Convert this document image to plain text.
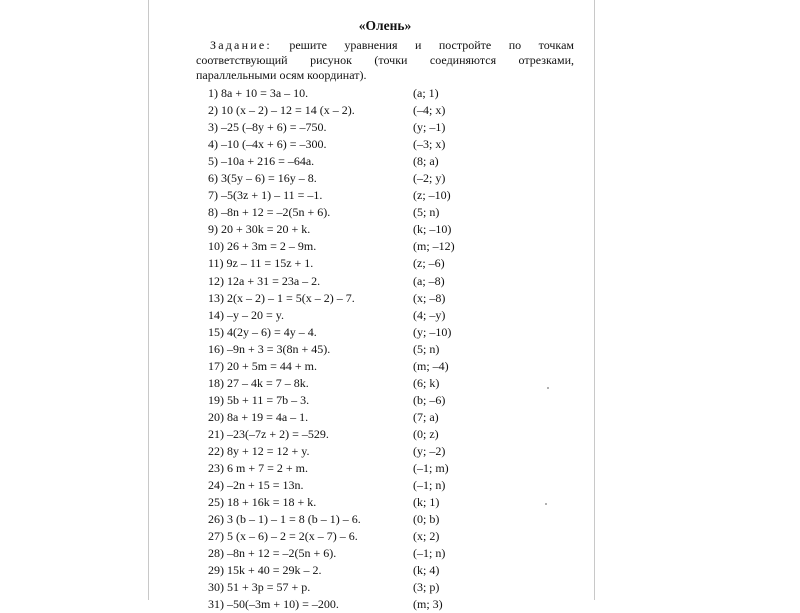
«Олень»

Задание: решите уравнения и постройте по точкам соответствующий рисунок (точки соединяются отрезками, параллельными осям координат).

1) 8a + 10 = 3a – 10.	(a; 1)
2) 10 (x – 2) – 12 = 14 (x – 2).	(–4; x)
3) –25 (–8y + 6) = –750.	(y; –1)
4) –10 (–4x + 6) = –300.	(–3; x)
5) –10a + 216 = –64a.	(8; a)
6) 3(5y – 6) = 16y – 8.	(–2; y)
7) –5(3z + 1) – 11 = –1.	(z; –10)
8) –8n + 12 = –2(5n + 6).	(5; n)
9) 20 + 30k = 20 + k.	(k; –10)
10) 26 + 3m = 2 – 9m.	(m; –12)
11) 9z – 11 = 15z + 1.	(z; –6)
12) 12a + 31 = 23a – 2.	(a; –8)
13) 2(x – 2) – 1 = 5(x – 2) – 7.	(x; –8)
14) –y – 20 = y.	(4; –y)
15) 4(2y – 6) = 4y – 4.	(y; –10)
16) –9n + 3 = 3(8n + 45).	(5; n)
17) 20 + 5m = 44 + m.	(m; –4)
18) 27 – 4k = 7 – 8k.	(6; k)
19) 5b + 11 = 7b – 3.	(b; –6)
20) 8a + 19 = 4a – 1.	(7; a)
21) –23(–7z + 2) = –529.	(0; z)
22) 8y + 12 = 12 + y.	(y; –2)
23) 6 m + 7 = 2 + m.	(–1; m)
24) –2n + 15 = 13n.	(–1; n)
25) 18 + 16k = 18 + k.	(k; 1)
26) 3 (b – 1) – 1 = 8 (b – 1) – 6.	(0; b)
27) 5 (x – 6) – 2 = 2(x – 7) – 6.	(x; 2)
28) –8n + 12 = –2(5n + 6).	(–1; n)
29) 15k + 40 = 29k – 2.	(k; 4)
30) 51 + 3p = 57 + p.	(3; p)
31) –50(–3m + 10) = –200.	(m; 3)
